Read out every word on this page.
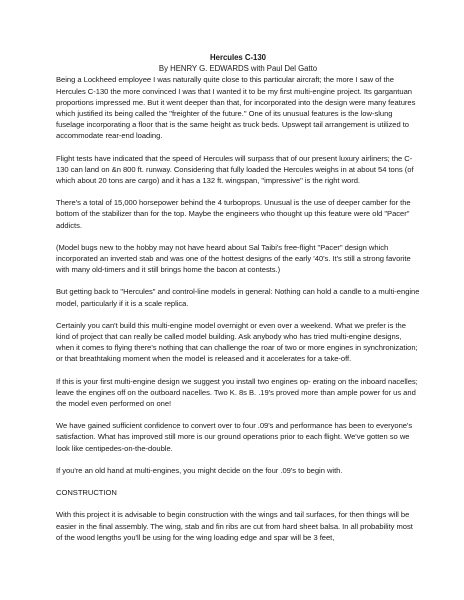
Hercules C-130
By HENRY G. EDWARDS with Paul Del Gatto

Being a Lockheed employee I was naturally quite close to this particular aircraft; the more I saw of the Hercules C-130 the more convinced I was that I wanted it to be my first multi-engine project. Its gargantuan proportions impressed me. But it went deeper than that, for incorporated into the design were many features which justified its being called the "freighter of the future." One of its unusual features is the low-slung fuselage incorporating a floor that is the same height as truck beds. Upswept tail arrangement is utilized to accommodate rear-end loading.

Flight tests have indicated that the speed of Hercules will surpass that of our present luxury airliners; the C-130 can land on &n 800 ft. runway. Considering that fully loaded the Hercules weighs in at about 54 tons (of which about 20 tons are cargo) and it has a 132 ft. wingspan, "impressive" is the right word.

There's a total of 15,000 horsepower behind the 4 turboprops. Unusual is the use of deeper camber for the bottom of the stabilizer than for the top. Maybe the engineers who thought up this feature were old "Pacer" addicts.

(Model bugs new to the hobby may not have heard about Sal Taibi's free-flight "Pacer" design which incorporated an inverted stab and was one of the hottest designs of the early '40's. It's still a strong favorite with many old-timers and it still brings home the bacon at contests.)

But getting back to "Hercules" and control-line models in general: Nothing can hold a candle to a multi-engine model, particularly if it is a scale replica.

Certainly you can't build this multi-engine model overnight or even over a weekend. What we prefer is the kind of project that can really be called model building. Ask anybody who has tried multi-engine designs, when it comes to flying there's nothing that can challenge the roar of two or more engines in synchronization; or that breathtaking moment when the model is released and it accelerates for a take-off.

If this is your first multi-engine design we suggest you install two engines op- erating on the inboard nacelles; leave the engines off on the outboard nacelles. Two K. 8s B. .19's proved more than ample power for us and the model even performed on one!

We have gained sufficient confidence to convert over to four .09's and performance has been to everyone's satisfaction. What has improved still more is our ground operations prior to each flight. We've gotten so we look like centipedes-on-the-double.

If you're an old hand at multi-engines, you might decide on the four .09's to begin with.

CONSTRUCTION

With this project it is advisable to begin construction with the wings and tail surfaces, for then things will be easier in the final assembly. The wing, stab and fin ribs are cut from hard sheet balsa. In all probability most of the wood lengths you'll be using for the wing loading edge and spar will be 3 feet,
